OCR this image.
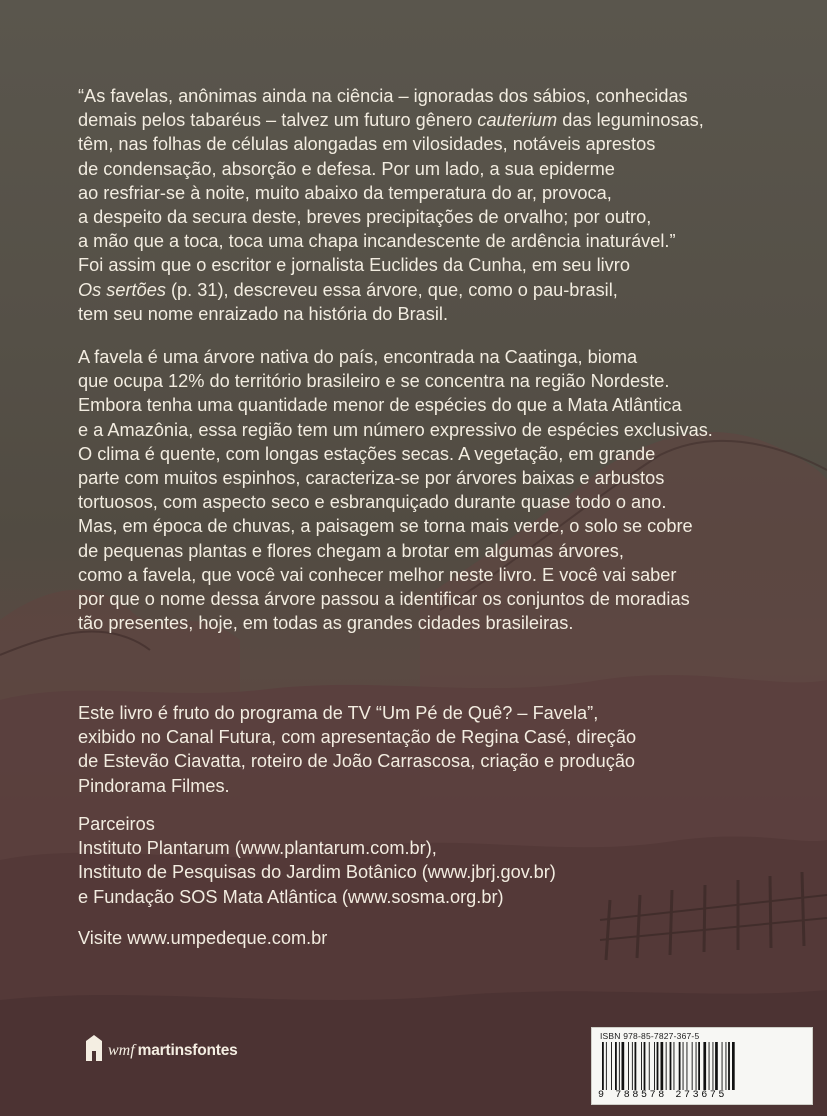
“As favelas, anônimas ainda na ciência – ignoradas dos sábios, conhecidas
demais pelos tabaréus – talvez um futuro gênero cauterium das leguminosas,
têm, nas folhas de células alongadas em vilosidades, notáveis aprestos
de condensação, absorção e defesa. Por um lado, a sua epiderme
ao resfriar-se à noite, muito abaixo da temperatura do ar, provoca,
a despeito da secura deste, breves precipitações de orvalho; por outro,
a mão que a toca, toca uma chapa incandescente de ardência inaturável.”
Foi assim que o escritor e jornalista Euclides da Cunha, em seu livro
Os sertões (p. 31), descreveu essa árvore, que, como o pau-brasil,
tem seu nome enraizado na história do Brasil.
A favela é uma árvore nativa do país, encontrada na Caatinga, bioma
que ocupa 12% do território brasileiro e se concentra na região Nordeste.
Embora tenha uma quantidade menor de espécies do que a Mata Atlântica
e a Amazônia, essa região tem um número expressivo de espécies exclusivas.
O clima é quente, com longas estações secas. A vegetação, em grande
parte com muitos espinhos, caracteriza-se por árvores baixas e arbustos
tortuosos, com aspecto seco e esbranquiçado durante quase todo o ano.
Mas, em época de chuvas, a paisagem se torna mais verde, o solo se cobre
de pequenas plantas e flores chegam a brotar em algumas árvores,
como a favela, que você vai conhecer melhor neste livro. E você vai saber
por que o nome dessa árvore passou a identificar os conjuntos de moradias
tão presentes, hoje, em todas as grandes cidades brasileiras.
Este livro é fruto do programa de TV “Um Pé de Quê? – Favela”,
exibido no Canal Futura, com apresentação de Regina Casé, direção
de Estevão Ciavatta, roteiro de João Carrascosa, criação e produção
Pindorama Filmes.
Parceiros
Instituto Plantarum (www.plantarum.com.br),
Instituto de Pesquisas do Jardim Botânico (www.jbrj.gov.br)
e Fundação SOS Mata Atlântica (www.sosma.org.br)
Visite www.umpedeque.com.br
wmf martinsfontes
ISBN 978-85-7827-367-5
9 788578 273675
